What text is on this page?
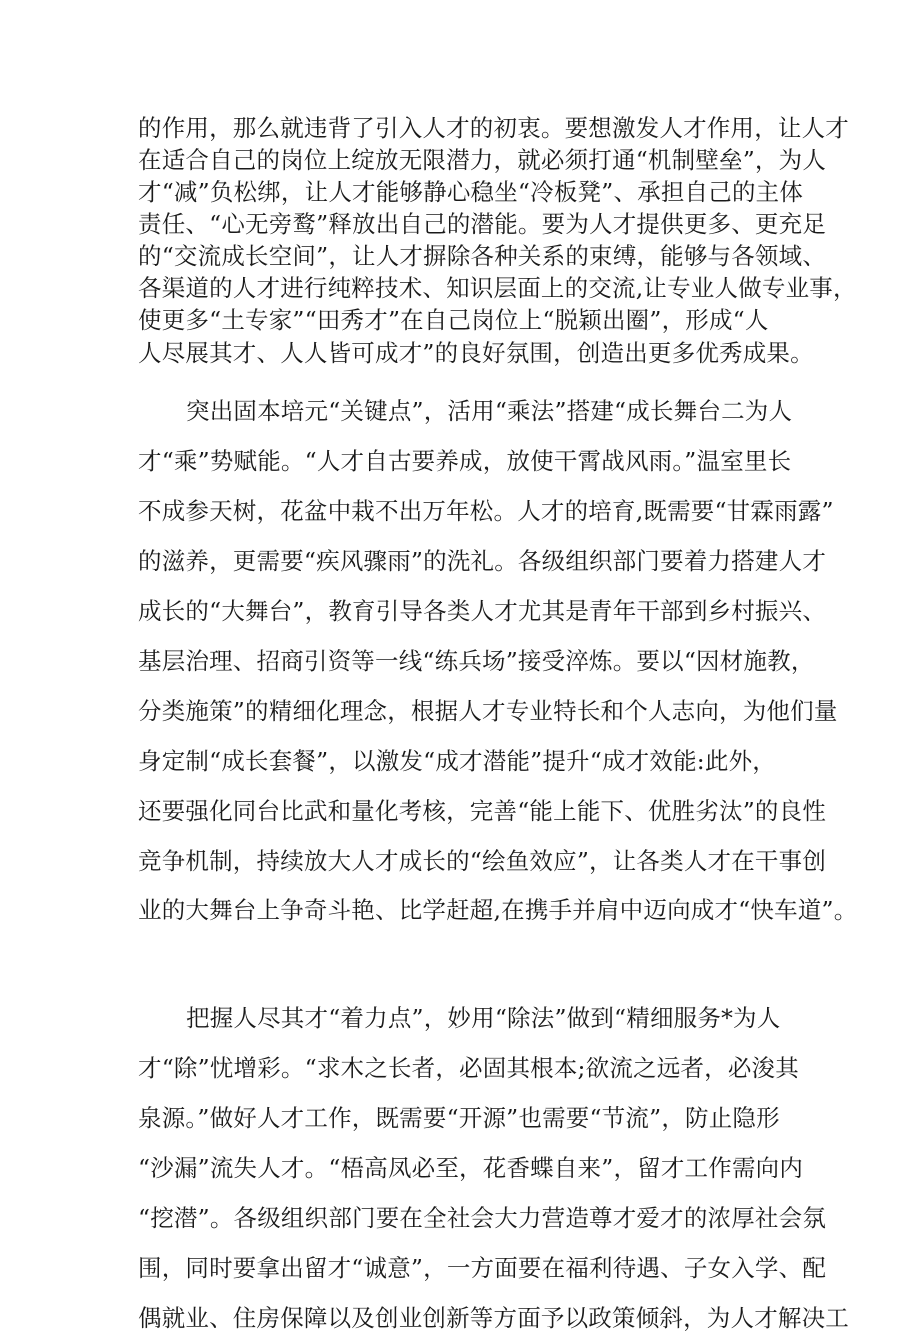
的作用，那么就违背了引入人才的初衷。要想激发人才作用，让人才
在适合自己的岗位上绽放无限潜力，就必须打通“机制壁垒”，为人
才“减”负松绑，让人才能够静心稳坐“冷板凳”、承担自己的主体
责任、“心无旁鹜”释放出自己的潜能。要为人才提供更多、更充足
的“交流成长空间”，让人才摒除各种关系的束缚，能够与各领域、
各渠道的人才进行纯粹技术、知识层面上的交流,让专业人做专业事，
使更多“土专家”“田秀才”在自己岗位上“脱颖出圈”，形成“人
人尽展其才、人人皆可成才”的良好氛围，创造出更多优秀成果。
突出固本培元“关键点”，活用“乘法”搭建“成长舞台二为人
才“乘”势赋能。“人才自古要养成，放使干霄战风雨。”温室里长
不成参天树，花盆中栽不出万年松。人才的培育,既需要“甘霖雨露”
的滋养，更需要“疾风骤雨”的洗礼。各级组织部门要着力搭建人才
成长的“大舞台”，教育引导各类人才尤其是青年干部到乡村振兴、
基层治理、招商引资等一线“练兵场”接受淬炼。要以“因材施教，
分类施策”的精细化理念，根据人才专业特长和个人志向，为他们量
身定制“成长套餐”，以激发“成才潜能”提升“成才效能:此外，
还要强化同台比武和量化考核，完善“能上能下、优胜劣汰”的良性
竞争机制，持续放大人才成长的“绘鱼效应”，让各类人才在干事创
业的大舞台上争奇斗艳、比学赶超,在携手并肩中迈向成才“快车道”。
把握人尽其才“着力点”，妙用“除法”做到“精细服务*为人
才“除”忧增彩。“求木之长者，必固其根本;欲流之远者，必浚其
泉源。”做好人才工作，既需要“开源”也需要“节流”，防止隐形
“沙漏”流失人才。“梧高凤必至，花香蝶自来”，留才工作需向内
“挖潜”。各级组织部门要在全社会大力营造尊才爱才的浓厚社会氛
围，同时要拿出留才“诚意”，一方面要在福利待遇、子女入学、配
偶就业、住房保障以及创业创新等方面予以政策倾斜，为人才解决工
